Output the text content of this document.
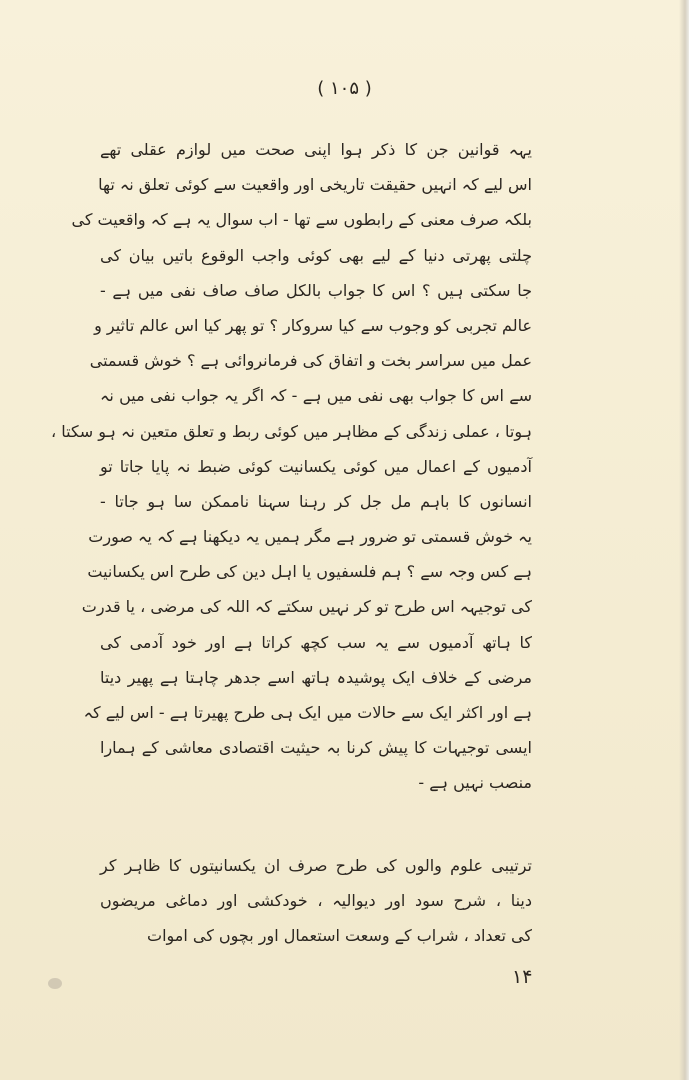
( ۱۰۵ )
یہہ قوانین جن کا ذکر ہوا اپنی صحت میں لوازم عقلی تھے
اس لیے کہ انہیں حقیقت تاریخی اور واقعیت سے کوئی تعلق نہ تھا
بلکہ صرف معنی کے رابطوں سے تھا - اب سوال یہ ہے کہ واقعیت کی
چلتی پھرتی دنیا کے لیے بھی کوئی واجب الوقوع باتیں بیان کی
جا سکتی ہیں ؟ اس کا جواب بالکل صاف صاف نفی میں ہے -
عالم تجربی کو وجوب سے کیا سروکار ؟ تو پھر کیا اس عالم تاثیر و
عمل میں سراسر بخت و اتفاق کی فرمانروائی ہے ؟ خوش قسمتی
سے اس کا جواب بھی نفی میں ہے - کہ اگر یہ جواب نفی میں نہ
ہوتا ، عملی زندگی کے مظاہر میں کوئی ربط و تعلق متعین نہ ہو سکتا ،
آدمیوں کے اعمال میں کوئی یکسانیت کوئی ضبط نہ پایا جاتا تو
انسانوں کا باہم مل جل کر رہنا سہنا ناممکن سا ہو جاتا -
یہ خوش قسمتی تو ضرور ہے مگر ہمیں یہ دیکھنا ہے کہ یہ صورت
ہے کس وجہ سے ؟ ہم فلسفیوں یا اہل دین کی طرح اس یکسانیت
کی توجیہہ اس طرح تو کر نہیں سکتے کہ اللہ کی مرضی ، یا قدرت
کا ہاتھ آدمیوں سے یہ سب کچھ کراتا ہے اور خود آدمی کی
مرضی کے خلاف ایک پوشیدہ ہاتھ اسے جدھر چاہتا ہے پھیر دیتا
ہے اور اکثر ایک سے حالات میں ایک ہی طرح پھیرتا ہے - اس لیے کہ
ایسی توجیہات کا پیش کرنا بہ حیثیت اقتصادی معاشی کے ہمارا
منصب نہیں ہے -
ترتیبی علوم والوں کی طرح صرف ان یکسانیتوں کا ظاہر کر
دینا ، شرح سود اور دیوالیہ ، خودکشی اور دماغی مریضوں
کی تعداد ، شراب کے وسعت استعمال اور بچوں کی اموات
۱۴
